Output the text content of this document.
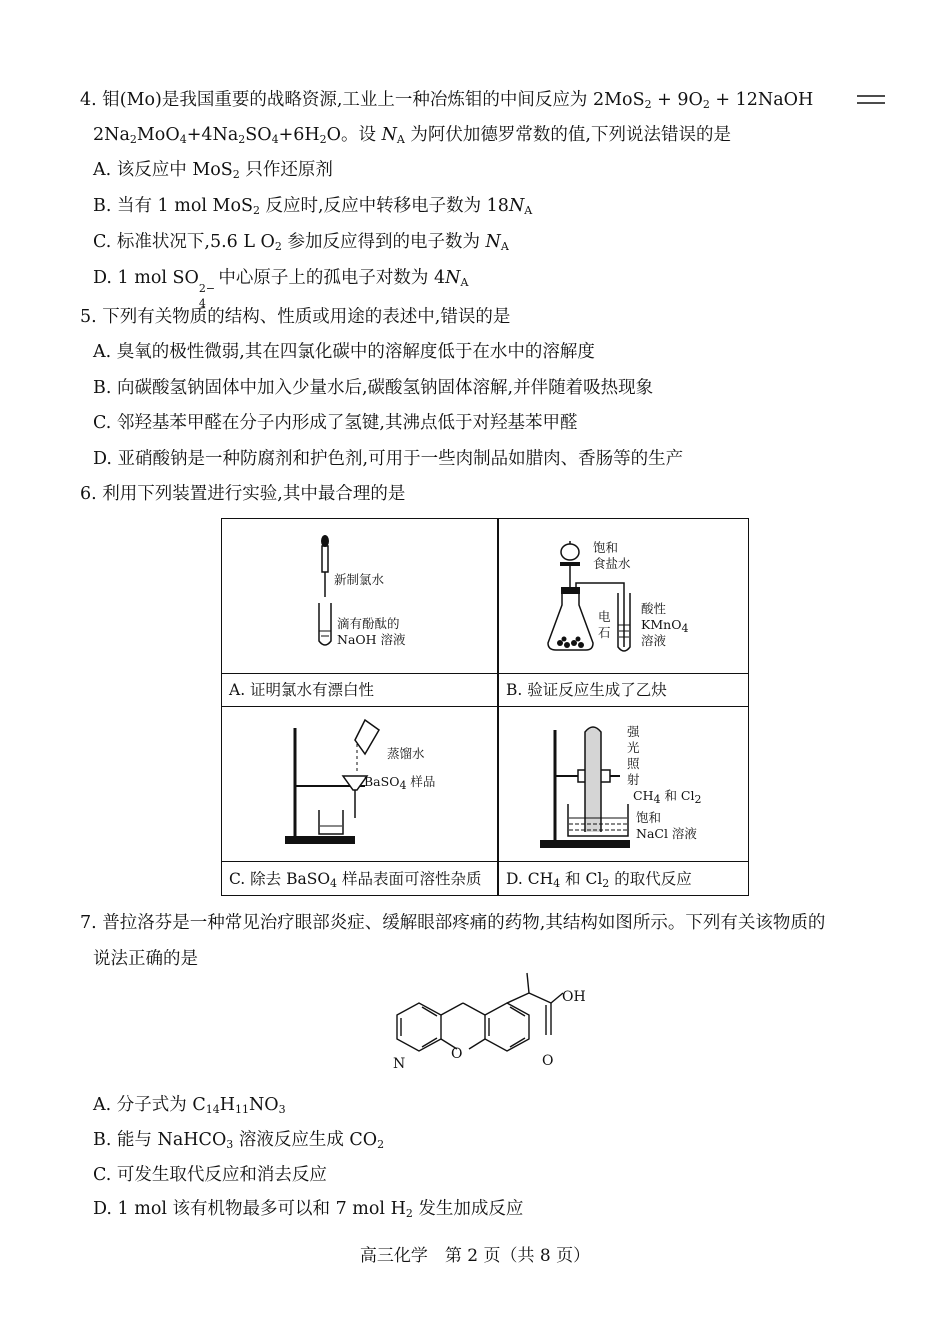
4. 钼(Mo)是我国重要的战略资源,工业上一种冶炼钼的中间反应为 $2MoS_2 + 9O_2$ + 12NaOH
$2Na_2MoO_4+4Na_2SO_4+6H_2O$。设 $N_A$ 为阿伏加德罗常数的值,下列说法错误的是
A. 该反应中 MoS$_2$ 只作还原剂
B. 当有 1 mol MoS$_2$ 反应时,反应中转移电子数为 $18N_A$
C. 标准状况下,5.6 L $O_2$ 参加反应得到的电子数为 $N_A$
D. 1 mol SO
2−
4
中心原子上的孤电子对数为 $4N_A$
5. 下列有关物质的结构、性质或用途的表述中,错误的是
A. 臭氧的极性微弱,其在四氯化碳中的溶解度低于在水中的溶解度
B. 向碳酸氢钠固体中加入少量水后,碳酸氢钠固体溶解,并伴随着吸热现象
C. 邻羟基苯甲醛在分子内形成了氢键,其沸点低于对羟基苯甲醛
D. 亚硝酸钠是一种防腐剂和护色剂,可用于一些肉制品如腊肉、香肠等的生产
6. 利用下列装置进行实验,其中最合理的是
新制氯水
滴有酚酞的
NaOH 溶液
A. 证明氯水有漂白性
饱和
食盐水
电
石
酸性
KMnO$_4$
溶液
B. 验证反应生成了乙炔
蒸馏水
BaSO$_4$ 样品
C. 除去 BaSO$_4$ 样品表面可溶性杂质
强
光
照
射
$CH_4$ 和 $Cl_2$
饱和
NaCl 溶液
D. $CH_4$ 和 $Cl_2$ 的取代反应
7. 普拉洛芬是一种常见治疗眼部炎症、缓解眼部疼痛的药物,其结构如图所示。下列有关该物质的
说法正确的是
OH
N
O	O
A. 分子式为 $C_{14}H_{11}NO_3$
B. 能与 NaHCO$_3$ 溶液反应生成 $CO_2$
C. 可发生取代反应和消去反应
D. 1 mol 该有机物最多可以和 7 mol $H_2$ 发生加成反应
高三化学　第 2 页（共 8 页）
